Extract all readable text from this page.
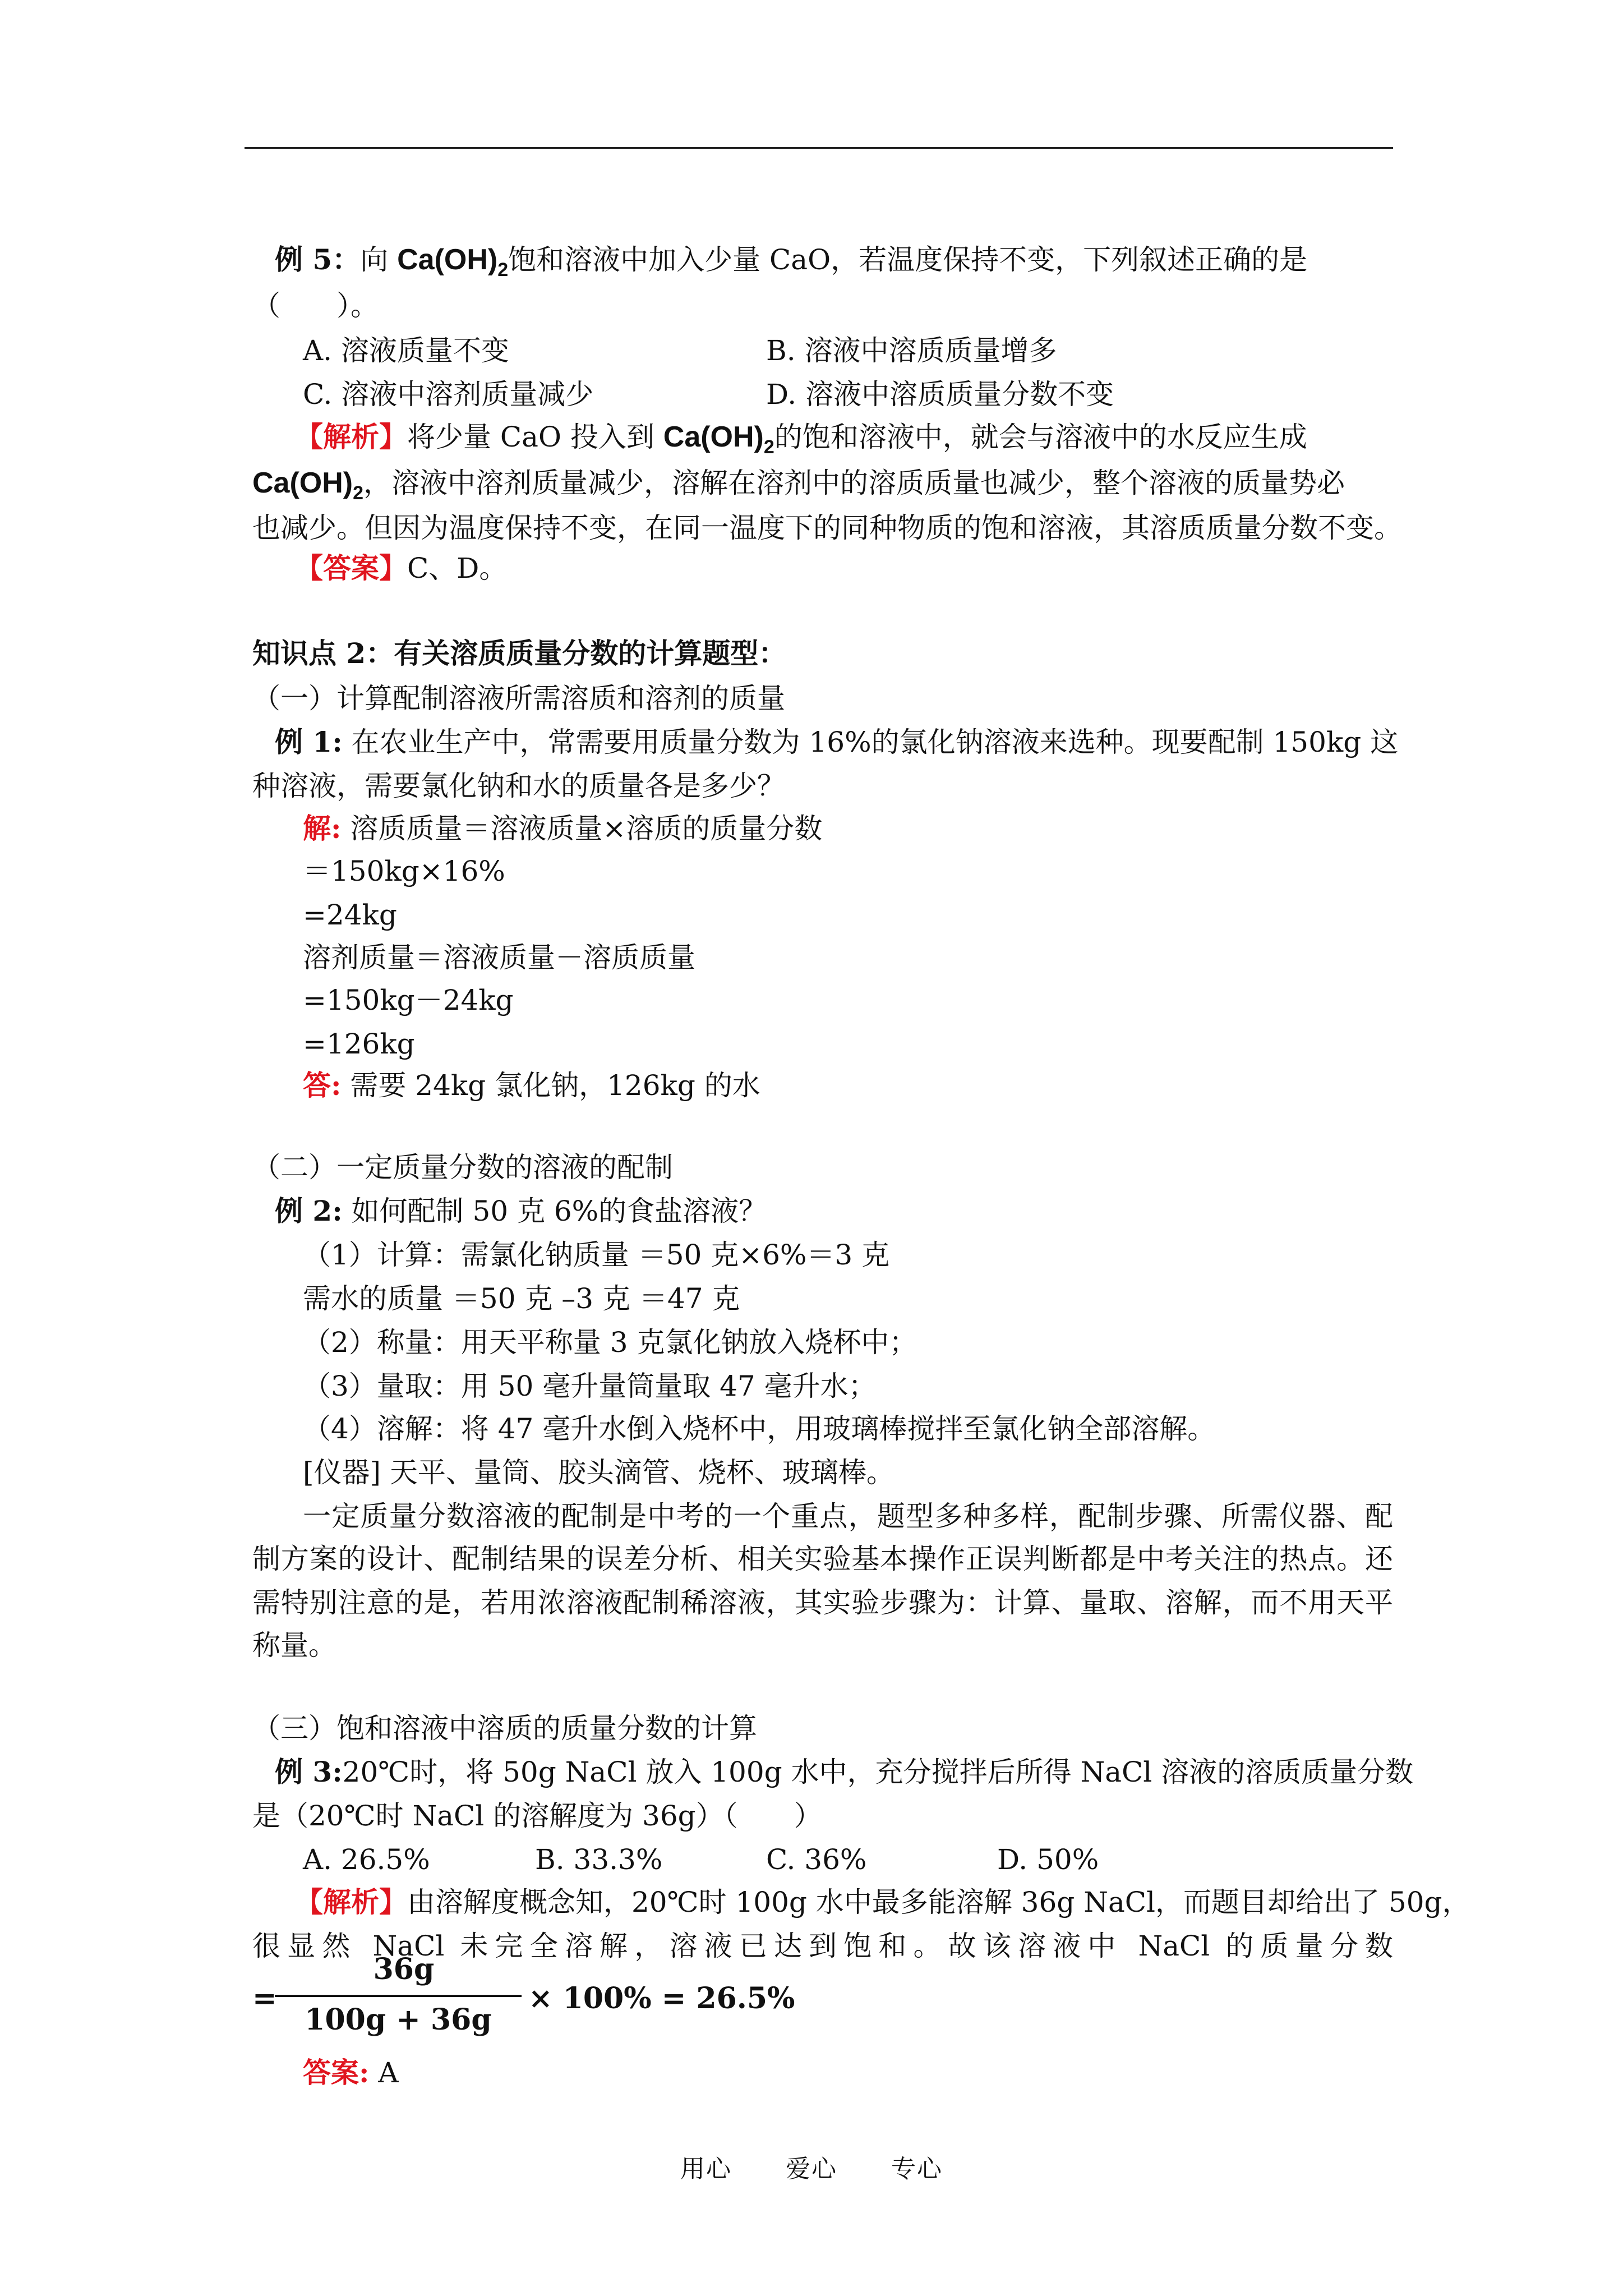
例 5：向 $Ca(OH)_2$饱和溶液中加入少量 CaO，若温度保持不变，下列叙述正确的是
（　　）。
A. 溶液质量不变	B. 溶液中溶质质量增多
C. 溶液中溶剂质量减少	D. 溶液中溶质质量分数不变
【解析】将少量 CaO 投入到 $Ca(OH)_2$的饱和溶液中，就会与溶液中的水反应生成
$Ca(OH)_2$，溶液中溶剂质量减少，溶解在溶剂中的溶质质量也减少，整个溶液的质量势必
也减少。但因为温度保持不变，在同一温度下的同种物质的饱和溶液，其溶质质量分数不变。
【答案】C、D。
知识点 2：有关溶质质量分数的计算题型：
（一）计算配制溶液所需溶质和溶剂的质量
例 1: 在农业生产中，常需要用质量分数为 16%的氯化钠溶液来选种。现要配制 150kg 这
种溶液，需要氯化钠和水的质量各是多少？
解: 溶质质量＝溶液质量×溶质的质量分数
＝150kg×16%
=24kg
溶剂质量＝溶液质量－溶质质量
=150kg－24kg
=126kg
答: 需要 24kg 氯化钠，126kg 的水
（二）一定质量分数的溶液的配制
例 2: 如何配制 50 克 6%的食盐溶液？
（1）计算：需氯化钠质量 ＝50 克×6%＝3 克
需水的质量 ＝50 克 –3 克 ＝47 克
（2）称量：用天平称量 3 克氯化钠放入烧杯中；
（3）量取：用 50 毫升量筒量取 47 毫升水；
（4）溶解：将 47 毫升水倒入烧杯中，用玻璃棒搅拌至氯化钠全部溶解。
[仪器] 天平、量筒、胶头滴管、烧杯、玻璃棒。
一定质量分数溶液的配制是中考的一个重点，题型多种多样，配制步骤、所需仪器、配
制方案的设计、配制结果的误差分析、相关实验基本操作正误判断都是中考关注的热点。还
需特别注意的是，若用浓溶液配制稀溶液，其实验步骤为：计算、量取、溶解，而不用天平
称量。
（三）饱和溶液中溶质的质量分数的计算
例 3:20℃时，将 50g NaCl 放入 100g 水中，充分搅拌后所得 NaCl 溶液的溶质质量分数
是（20℃时 NaCl 的溶解度为 36g）（　　）
A. 26.5%	B. 33.3%	C. 36%	D. 50%
【解析】由溶解度概念知，20℃时 100g 水中最多能溶解 36g NaCl，而题目却给出了 50g，
很显然 NaCl 未完全溶解，溶液已达到饱和。故该溶液中 NaCl 的质量分数
=
36g
100g + 36g
× 100% = 26.5%
答案: A
用心 爱心 专心
